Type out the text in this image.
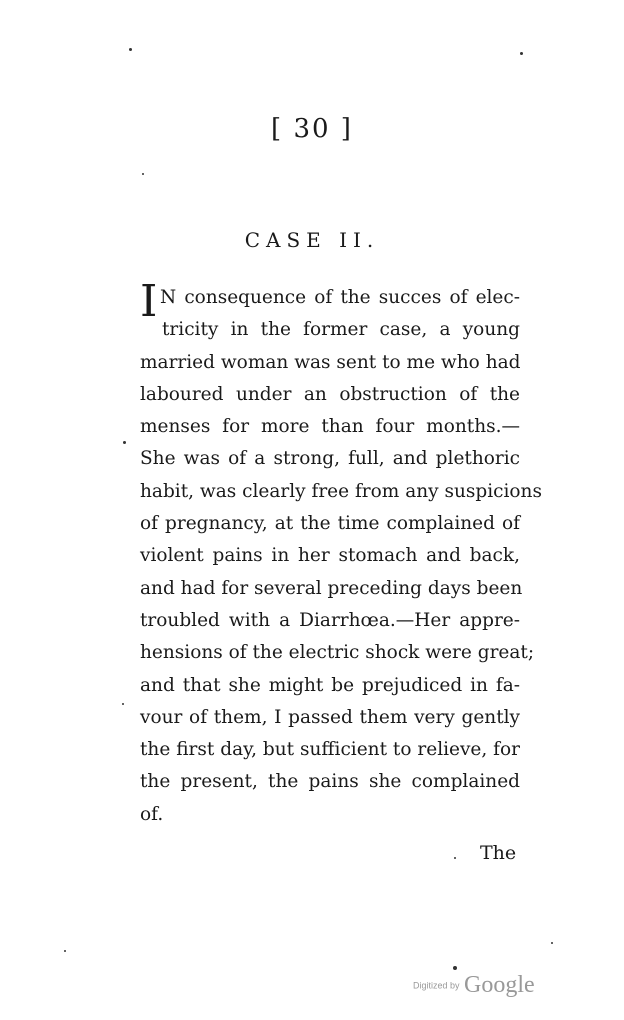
[ 30 ]
CASE II.
I N consequence of the succes of elec-
tricity in the former case, a young
married woman was sent to me who had
laboured under an obstruction of the
menses for more than four months.—
She was of a strong, full, and plethoric
habit, was clearly free from any suspicions
of pregnancy, at the time complained of
violent pains in her stomach and back,
and had for several preceding days been
troubled with a Diarrhœa.—Her appre-
hensions of the electric shock were great;
and that she might be prejudiced in fa-
vour of them, I passed them very gently
the first day, but sufficient to relieve, for
the present, the pains she complained
of.
The
Digitized by Google
